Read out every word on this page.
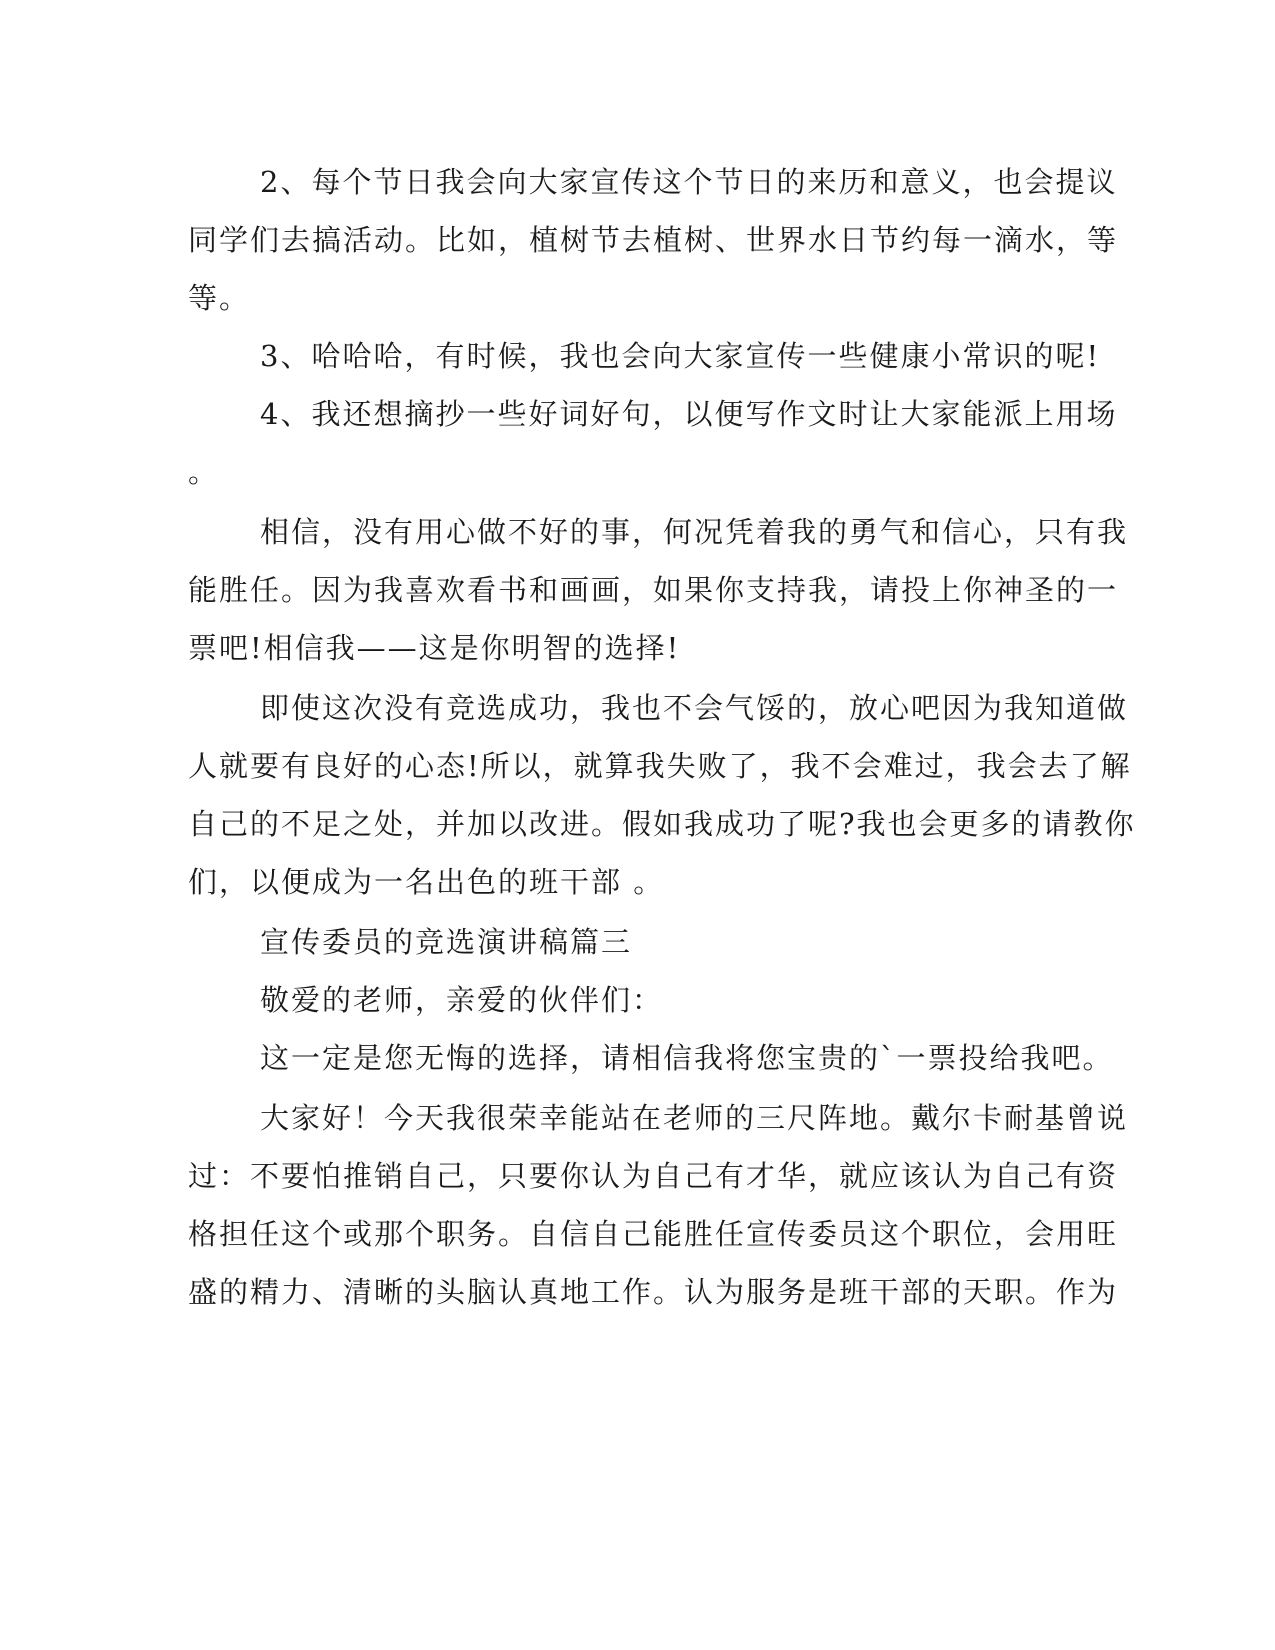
2、每个节日我会向大家宣传这个节日的来历和意义，也会提议

同学们去搞活动。比如，植树节去植树、世界水日节约每一滴水，等

等。

3、哈哈哈，有时候，我也会向大家宣传一些健康小常识的呢!

4、我还想摘抄一些好词好句，以便写作文时让大家能派上用场

。

相信，没有用心做不好的事，何况凭着我的勇气和信心，只有我

能胜任。因为我喜欢看书和画画，如果你支持我，请投上你神圣的一

票吧!相信我——这是你明智的选择!

即使这次没有竞选成功，我也不会气馁的，放心吧因为我知道做

人就要有良好的心态!所以，就算我失败了，我不会难过，我会去了解

自己的不足之处，并加以改进。假如我成功了呢?我也会更多的请教你

们，以便成为一名出色的班干部 。

宣传委员的竞选演讲稿篇三

敬爱的老师，亲爱的伙伴们：

这一定是您无悔的选择，请相信我将您宝贵的`一票投给我吧。

大家好！今天我很荣幸能站在老师的三尺阵地。戴尔卡耐基曾说

过：不要怕推销自己，只要你认为自己有才华，就应该认为自己有资

格担任这个或那个职务。自信自己能胜任宣传委员这个职位，会用旺

盛的精力、清晰的头脑认真地工作。认为服务是班干部的天职。作为
